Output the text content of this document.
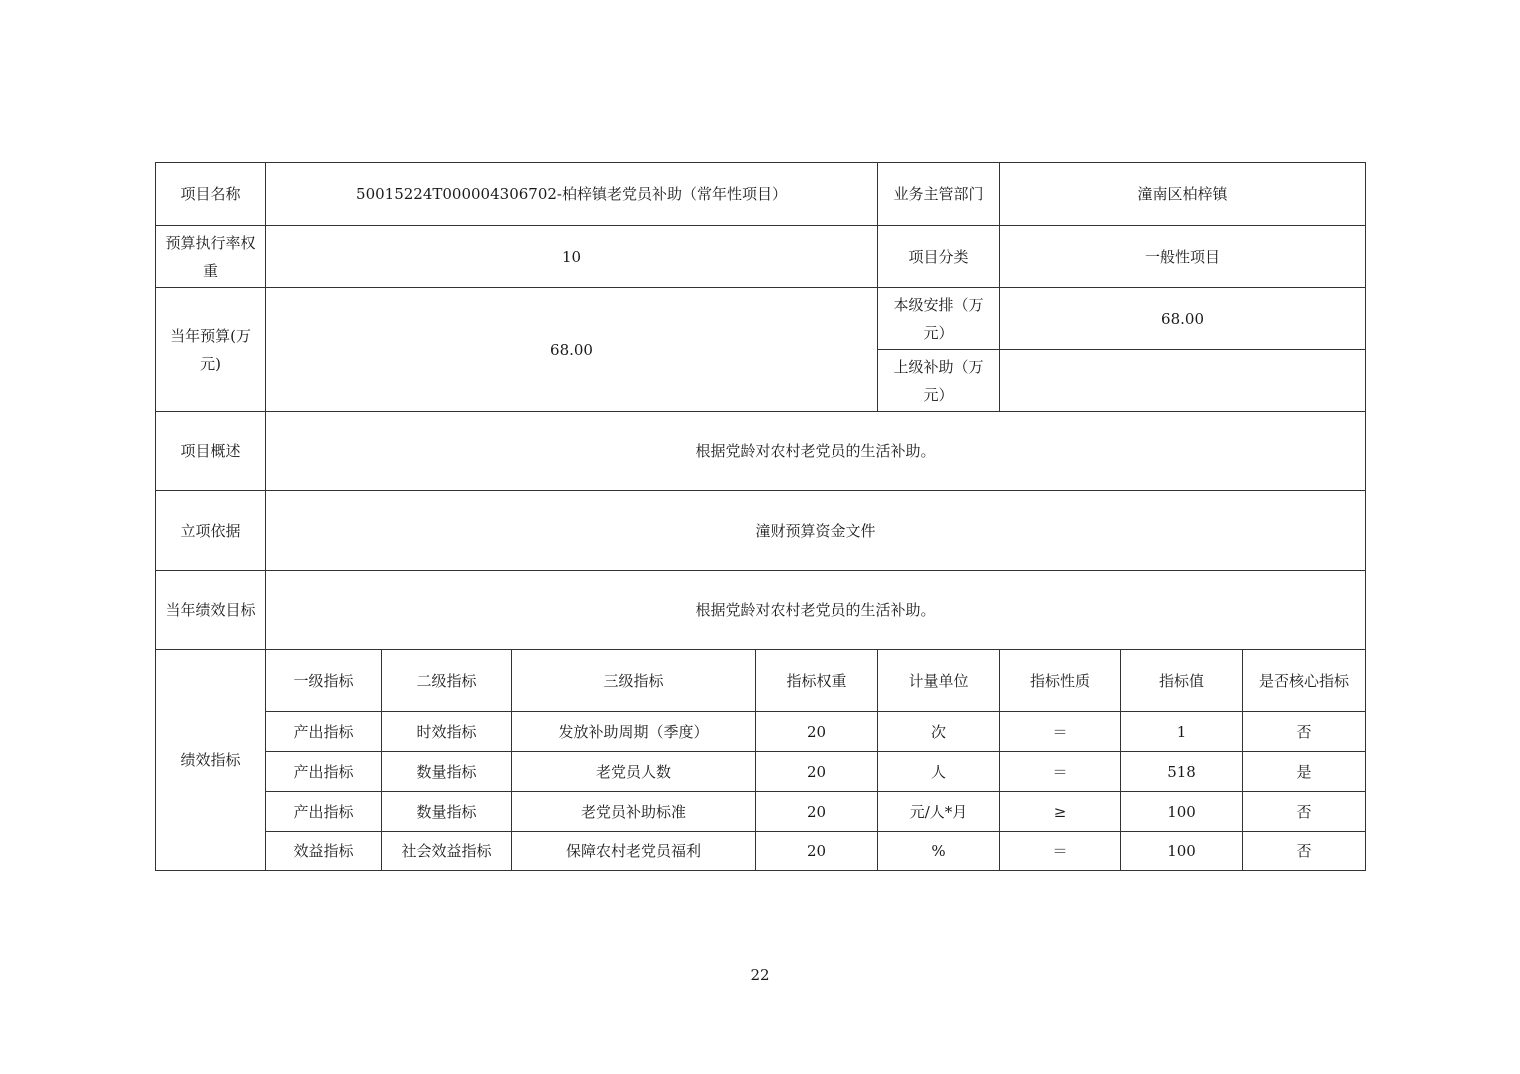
项目名称	50015224T000004306702-柏梓镇老党员补助（常年性项目）				业务主管部门	潼南区柏梓镇		
预算执行率权重	10				项目分类	一般性项目		
当年预算(万元)	68.00				本级安排（万元）	68.00		
					上级补助（万元）			
项目概述	根据党龄对农村老党员的生活补助。							
立项依据	潼财预算资金文件							
当年绩效目标	根据党龄对农村老党员的生活补助。							
绩效指标	一级指标	二级指标	三级指标	指标权重	计量单位	指标性质	指标值	是否核心指标
	产出指标	时效指标	发放补助周期（季度）	20	次	＝	1	否
	产出指标	数量指标	老党员人数	20	人	＝	518	是
	产出指标	数量指标	老党员补助标准	20	元/人*月	≥	100	否
	效益指标	社会效益指标	保障农村老党员福利	20	%	＝	100	否
22
